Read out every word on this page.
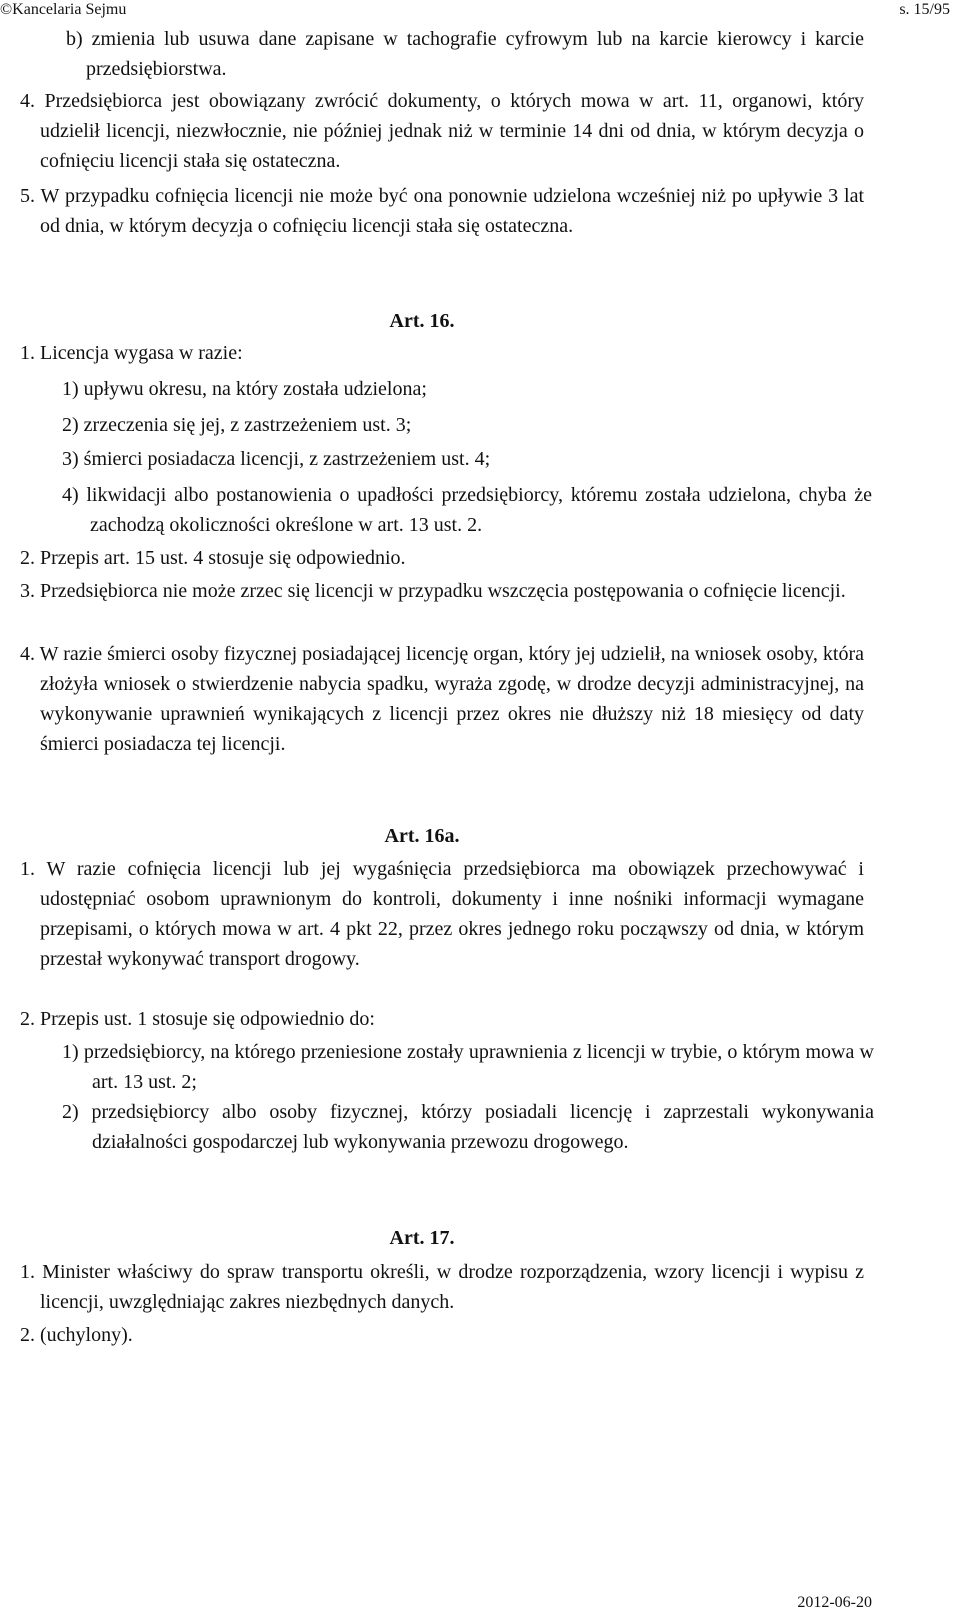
©Kancelaria Sejmu	s. 15/95
b) zmienia lub usuwa dane zapisane w tachografie cyfrowym lub na karcie kierowcy i karcie przedsiębiorstwa.
4. Przedsiębiorca jest obowiązany zwrócić dokumenty, o których mowa w art. 11, organowi, który udzielił licencji, niezwłocznie, nie później jednak niż w terminie 14 dni od dnia, w którym decyzja o cofnięciu licencji stała się ostateczna.
5. W przypadku cofnięcia licencji nie może być ona ponownie udzielona wcześniej niż po upływie 3 lat od dnia, w którym decyzja o cofnięciu licencji stała się ostateczna.
Art. 16.
1. Licencja wygasa w razie:
1) upływu okresu, na który została udzielona;
2) zrzeczenia się jej, z zastrzeżeniem ust. 3;
3) śmierci posiadacza licencji, z zastrzeżeniem ust. 4;
4) likwidacji albo postanowienia o upadłości przedsiębiorcy, któremu została udzielona, chyba że zachodzą okoliczności określone w art. 13 ust. 2.
2. Przepis art. 15 ust. 4 stosuje się odpowiednio.
3. Przedsiębiorca nie może zrzec się licencji w przypadku wszczęcia postępowania o cofnięcie licencji.
4. W razie śmierci osoby fizycznej posiadającej licencję organ, który jej udzielił, na wniosek osoby, która złożyła wniosek o stwierdzenie nabycia spadku, wyraża zgodę, w drodze decyzji administracyjnej, na wykonywanie uprawnień wynikających z licencji przez okres nie dłuższy niż 18 miesięcy od daty śmierci posiadacza tej licencji.
Art. 16a.
1. W razie cofnięcia licencji lub jej wygaśnięcia przedsiębiorca ma obowiązek przechowywać i udostępniać osobom uprawnionym do kontroli, dokumenty i inne nośniki informacji wymagane przepisami, o których mowa w art. 4 pkt 22, przez okres jednego roku począwszy od dnia, w którym przestał wykonywać transport drogowy.
2. Przepis ust. 1 stosuje się odpowiednio do:
1) przedsiębiorcy, na którego przeniesione zostały uprawnienia z licencji w trybie, o którym mowa w art. 13 ust. 2;
2) przedsiębiorcy albo osoby fizycznej, którzy posiadali licencję i zaprzestali wykonywania działalności gospodarczej lub wykonywania przewozu drogowego.
Art. 17.
1. Minister właściwy do spraw transportu określi, w drodze rozporządzenia, wzory licencji i wypisu z licencji, uwzględniając zakres niezbędnych danych.
2. (uchylony).
2012-06-20
